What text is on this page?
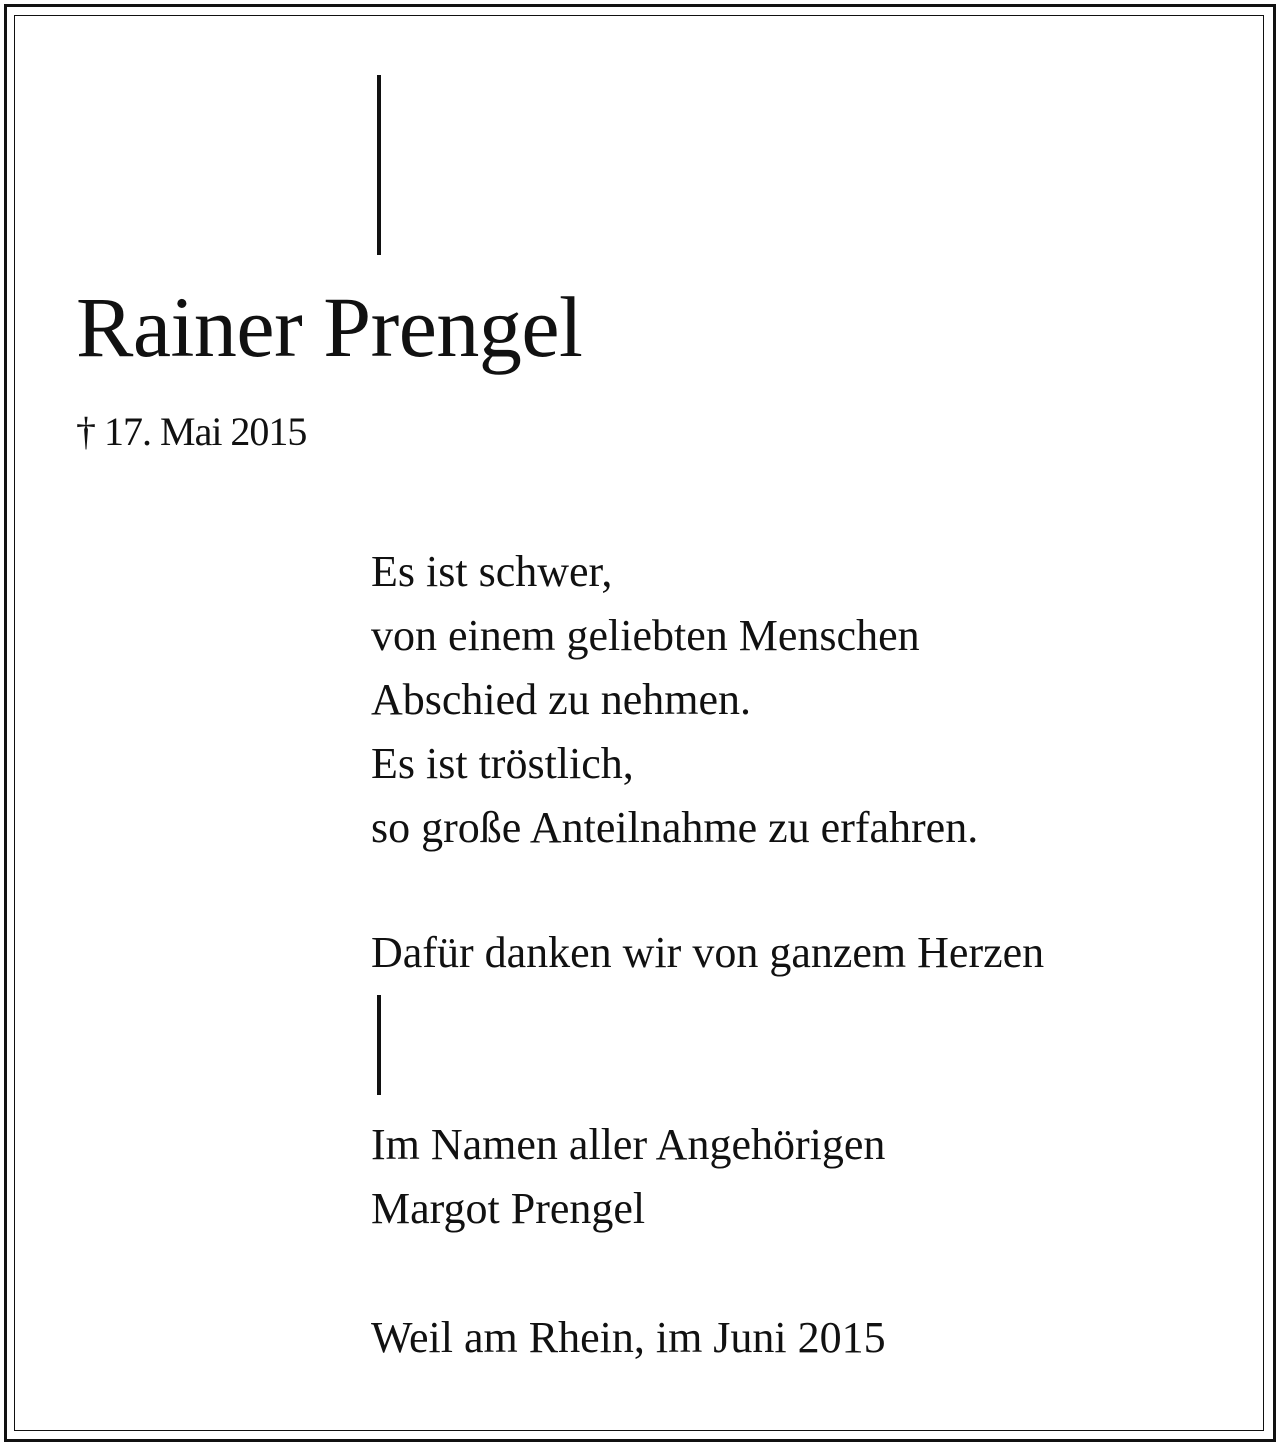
Rainer Prengel

† 17. Mai 2015

Es ist schwer,
von einem geliebten Menschen
Abschied zu nehmen.
Es ist tröstlich,
so große Anteilnahme zu erfahren.

Dafür danken wir von ganzem Herzen

Im Namen aller Angehörigen
Margot Prengel

Weil am Rhein, im Juni 2015
